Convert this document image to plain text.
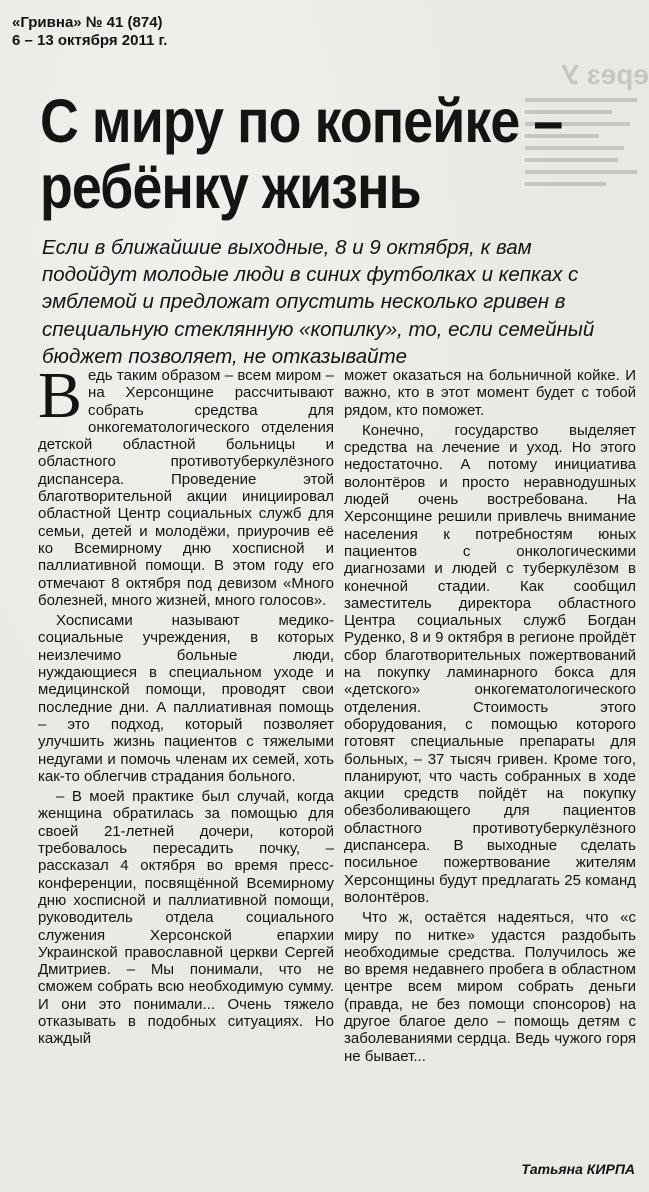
ерез У

«Гривна» № 41 (874)
6 – 13 октября 2011 г.
С миру по копейке –
ребёнку жизнь
Если в ближайшие выходные, 8 и 9 октября, к вам подойдут молодые люди в синих футболках и кепках с эмблемой и предложат опустить несколько гривен в специальную стеклянную «копилку», то, если семейный бюджет позволяет, не отказывайте

Ведь таким образом – всем миром – на Херсонщине рассчитывают собрать средства для онкогематологического отделения детской областной больницы и областного противотуберкулёзного диспансера. Проведение этой благотворительной акции инициировал областной Центр социальных служб для семьи, детей и молодёжи, приурочив её ко Всемирному дню хосписной и паллиативной помощи. В этом году его отмечают 8 октября под девизом «Много болезней, много жизней, много голосов».

Хосписами называют медико-социальные учреждения, в которых неизлечимо больные люди, нуждающиеся в специальном уходе и медицинской помощи, проводят свои последние дни. А паллиативная помощь – это подход, который позволяет улучшить жизнь пациентов с тяжелыми недугами и помочь членам их семей, хоть как-то облегчив страдания больного.

– В моей практике был случай, когда женщина обратилась за помощью для своей 21-летней дочери, которой требовалось пересадить почку, – рассказал 4 октября во время пресс-конференции, посвящённой Всемирному дню хосписной и паллиативной помощи, руководитель отдела социального служения Херсонской епархии Украинской православной церкви Сергей Дмитриев. – Мы понимали, что не сможем собрать всю необходимую сумму. И они это понимали... Очень тяжело отказывать в подобных ситуациях. Но каждый

может оказаться на больничной койке. И важно, кто в этот момент будет с тобой рядом, кто поможет.

Конечно, государство выделяет средства на лечение и уход. Но этого недостаточно. А потому инициатива волонтёров и просто неравнодушных людей очень востребована. На Херсонщине решили привлечь внимание населения к потребностям юных пациентов с онкологическими диагнозами и людей с туберкулёзом в конечной стадии. Как сообщил заместитель директора областного Центра социальных служб Богдан Руденко, 8 и 9 октября в регионе пройдёт сбор благотворительных пожертвований на покупку ламинарного бокса для «детского» онкогематологического отделения. Стоимость этого оборудования, с помощью которого готовят специальные препараты для больных, – 37 тысяч гривен. Кроме того, планируют, что часть собранных в ходе акции средств пойдёт на покупку обезболивающего для пациентов областного противотуберкулёзного диспансера. В выходные сделать посильное пожертвование жителям Херсонщины будут предлагать 25 команд волонтёров.

Что ж, остаётся надеяться, что «с миру по нитке» удастся раздобыть необходимые средства. Получилось же во время недавнего пробега в областном центре всем миром собрать деньги (правда, не без помощи спонсоров) на другое благое дело – помощь детям с заболеваниями сердца. Ведь чужого горя не бывает...

Татьяна КИРПА
